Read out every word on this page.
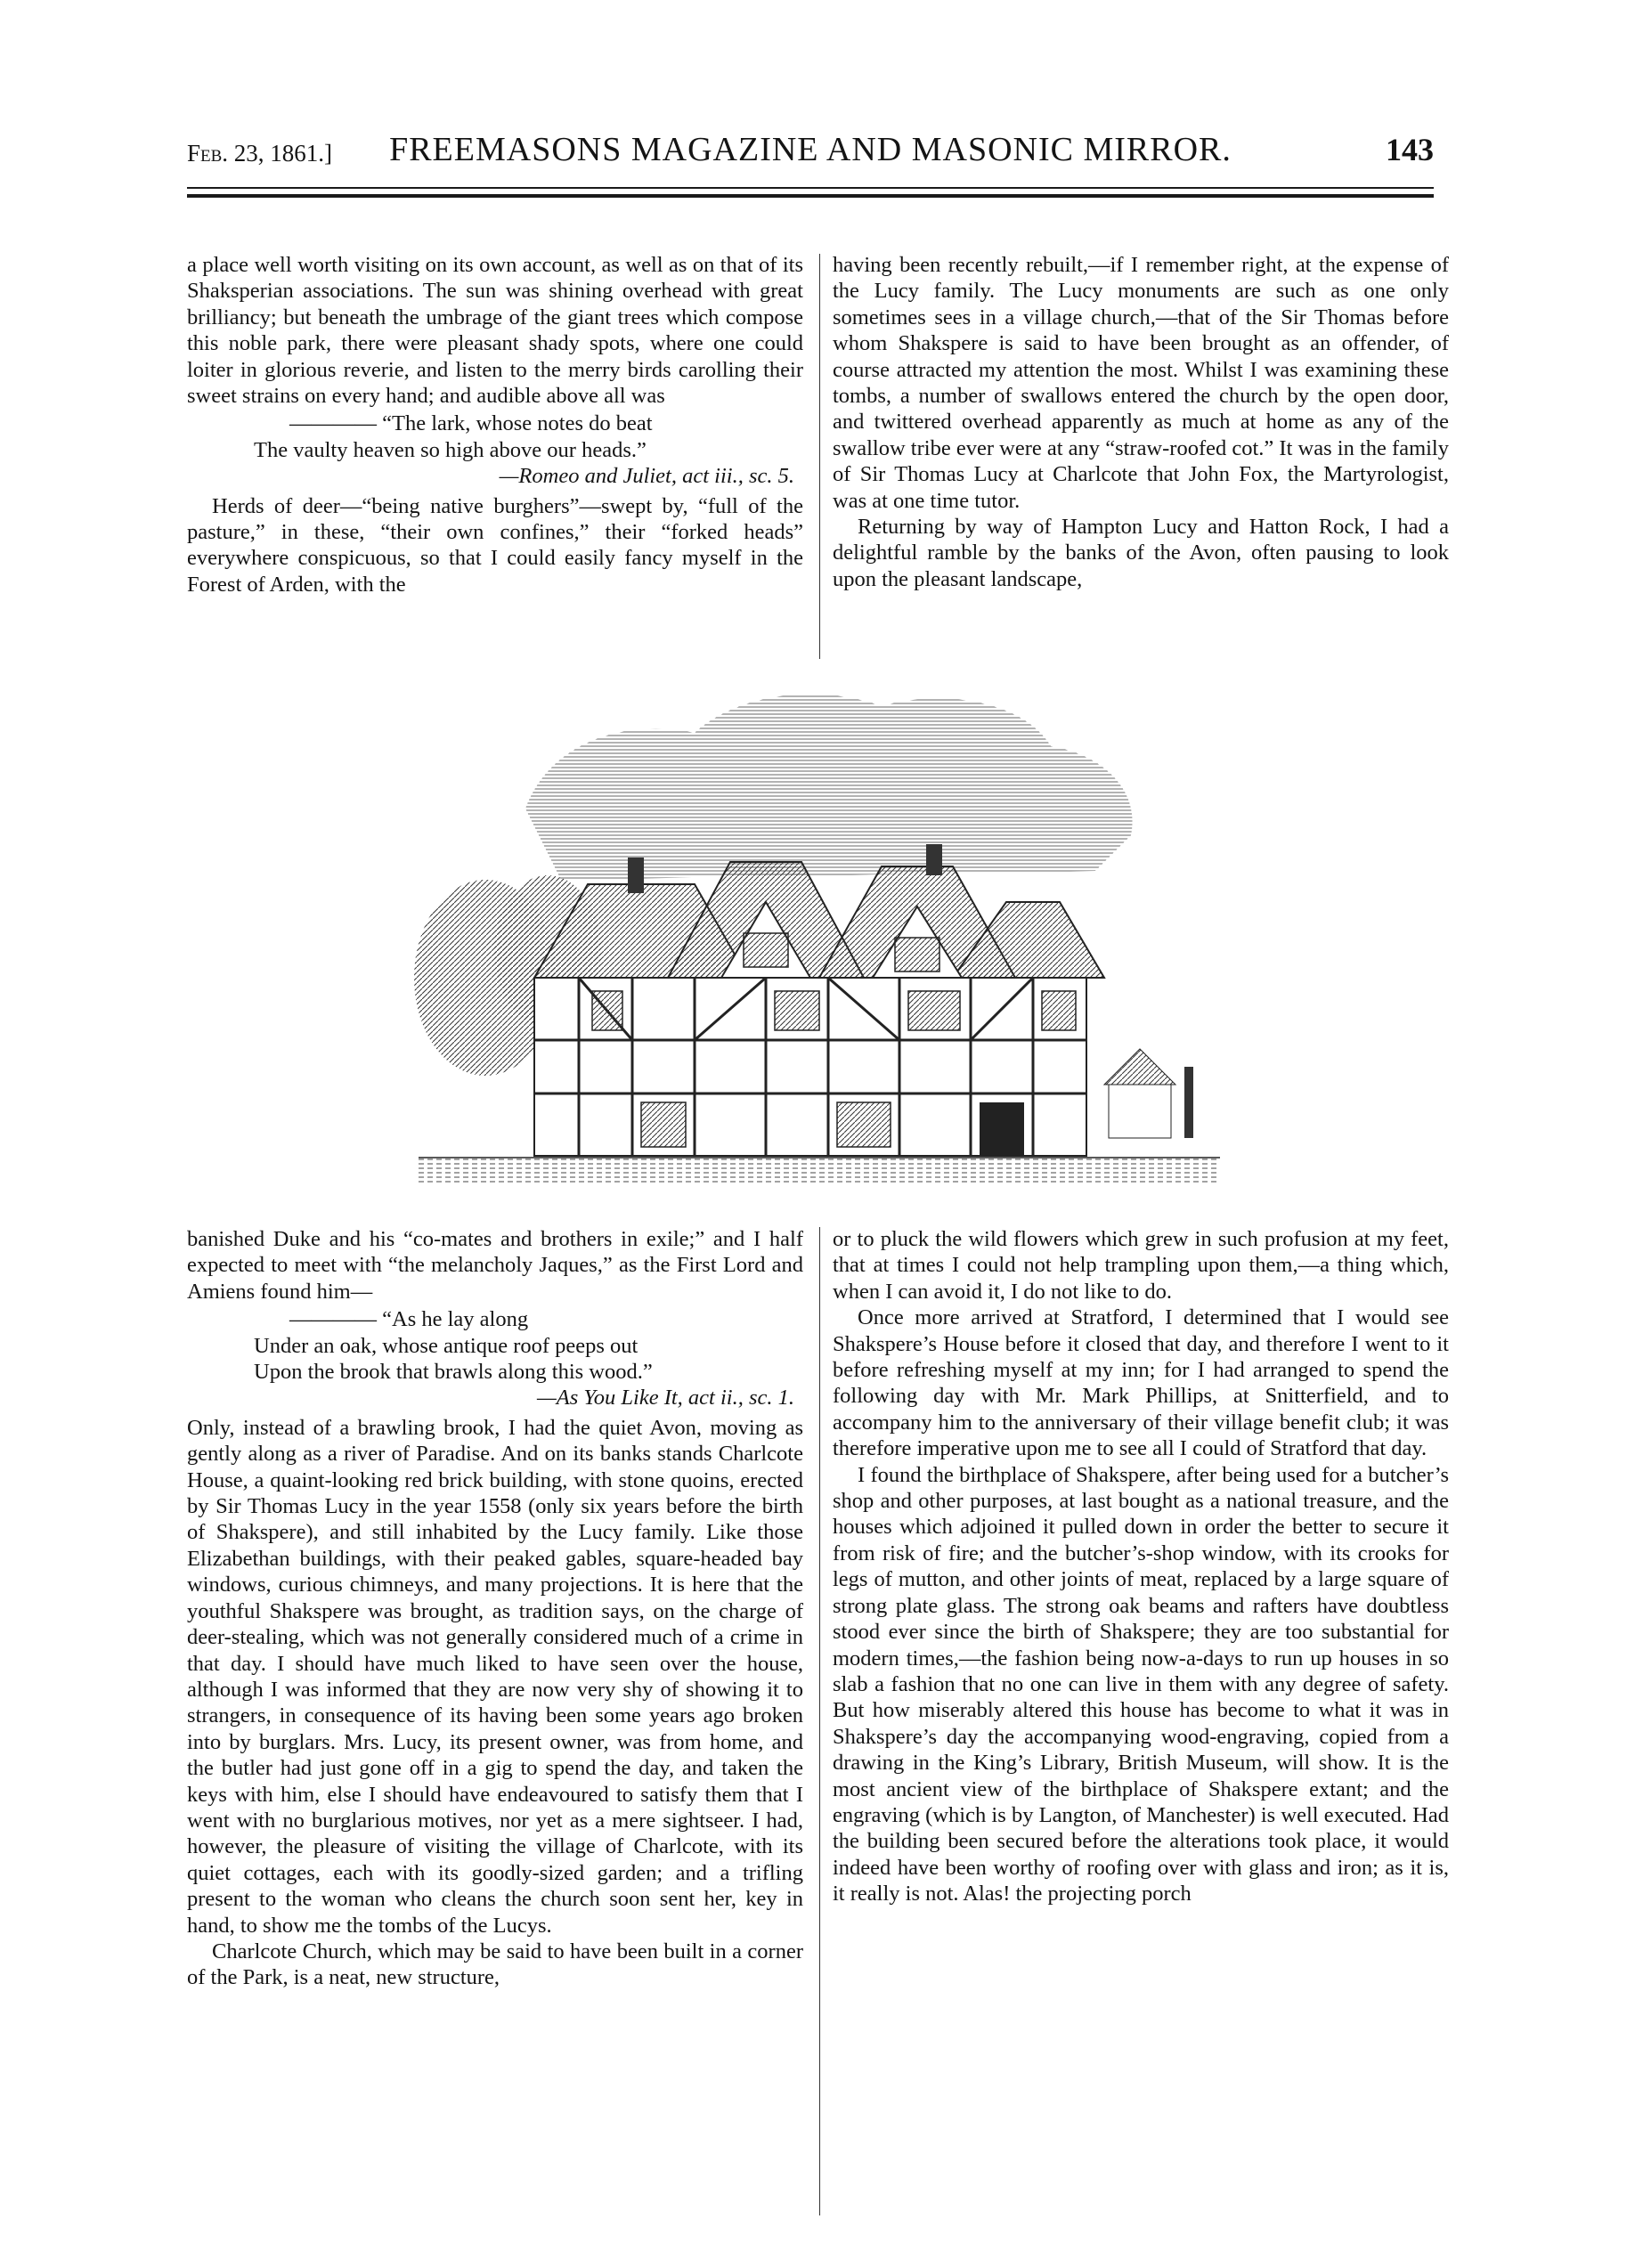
Feb. 23, 1861.]	FREEMASONS MAGAZINE AND MASONIC MIRROR.	143

a place well worth visiting on its own account, as well as on that of its Shaksperian associations. The sun was shining overhead with great brilliancy; but beneath the umbrage of the giant trees which compose this noble park, there were pleasant shady spots, where one could loiter in glorious reverie, and listen to the merry birds carolling their sweet strains on every hand; and audible above all was

———— “The lark, whose notes do beat
The vaulty heaven so high above our heads.”
—Romeo and Juliet, act iii., sc. 5.

Herds of deer—“being native burghers”—swept by, “full of the pasture,” in these, “their own confines,” their “forked heads” everywhere conspicuous, so that I could easily fancy myself in the Forest of Arden, with the

having been recently rebuilt,—if I remember right, at the expense of the Lucy family. The Lucy monuments are such as one only sometimes sees in a village church,—that of the Sir Thomas before whom Shakspere is said to have been brought as an offender, of course attracted my attention the most. Whilst I was examining these tombs, a number of swallows entered the church by the open door, and twittered overhead apparently as much at home as any of the swallow tribe ever were at any “straw-roofed cot.” It was in the family of Sir Thomas Lucy at Charlcote that John Fox, the Martyrologist, was at one time tutor.

Returning by way of Hampton Lucy and Hatton Rock, I had a delightful ramble by the banks of the Avon, often pausing to look upon the pleasant landscape,

banished Duke and his “co-mates and brothers in exile;” and I half expected to meet with “the melancholy Jaques,” as the First Lord and Amiens found him—

———— “As he lay along
Under an oak, whose antique roof peeps out
Upon the brook that brawls along this wood.”
—As You Like It, act ii., sc. 1.

Only, instead of a brawling brook, I had the quiet Avon, moving as gently along as a river of Paradise. And on its banks stands Charlcote House, a quaint-looking red brick building, with stone quoins, erected by Sir Thomas Lucy in the year 1558 (only six years before the birth of Shakspere), and still inhabited by the Lucy family. Like those Elizabethan buildings, with their peaked gables, square-headed bay windows, curious chimneys, and many projections. It is here that the youthful Shakspere was brought, as tradition says, on the charge of deer-stealing, which was not generally considered much of a crime in that day. I should have much liked to have seen over the house, although I was informed that they are now very shy of showing it to strangers, in consequence of its having been some years ago broken into by burglars. Mrs. Lucy, its present owner, was from home, and the butler had just gone off in a gig to spend the day, and taken the keys with him, else I should have endeavoured to satisfy them that I went with no burglarious motives, nor yet as a mere sightseer. I had, however, the pleasure of visiting the village of Charlcote, with its quiet cottages, each with its goodly-sized garden; and a trifling present to the woman who cleans the church soon sent her, key in hand, to show me the tombs of the Lucys.

Charlcote Church, which may be said to have been built in a corner of the Park, is a neat, new structure,

or to pluck the wild flowers which grew in such profusion at my feet, that at times I could not help trampling upon them,—a thing which, when I can avoid it, I do not like to do.

Once more arrived at Stratford, I determined that I would see Shakspere’s House before it closed that day, and therefore I went to it before refreshing myself at my inn; for I had arranged to spend the following day with Mr. Mark Phillips, at Snitterfield, and to accompany him to the anniversary of their village benefit club; it was therefore imperative upon me to see all I could of Stratford that day.

I found the birthplace of Shakspere, after being used for a butcher’s shop and other purposes, at last bought as a national treasure, and the houses which adjoined it pulled down in order the better to secure it from risk of fire; and the butcher’s-shop window, with its crooks for legs of mutton, and other joints of meat, replaced by a large square of strong plate glass. The strong oak beams and rafters have doubtless stood ever since the birth of Shakspere; they are too substantial for modern times,—the fashion being now-a-days to run up houses in so slab a fashion that no one can live in them with any degree of safety. But how miserably altered this house has become to what it was in Shakspere’s day the accompanying wood-engraving, copied from a drawing in the King’s Library, British Museum, will show. It is the most ancient view of the birthplace of Shakspere extant; and the engraving (which is by Langton, of Manchester) is well executed. Had the building been secured before the alterations took place, it would indeed have been worthy of roofing over with glass and iron; as it is, it really is not. Alas! the projecting porch
